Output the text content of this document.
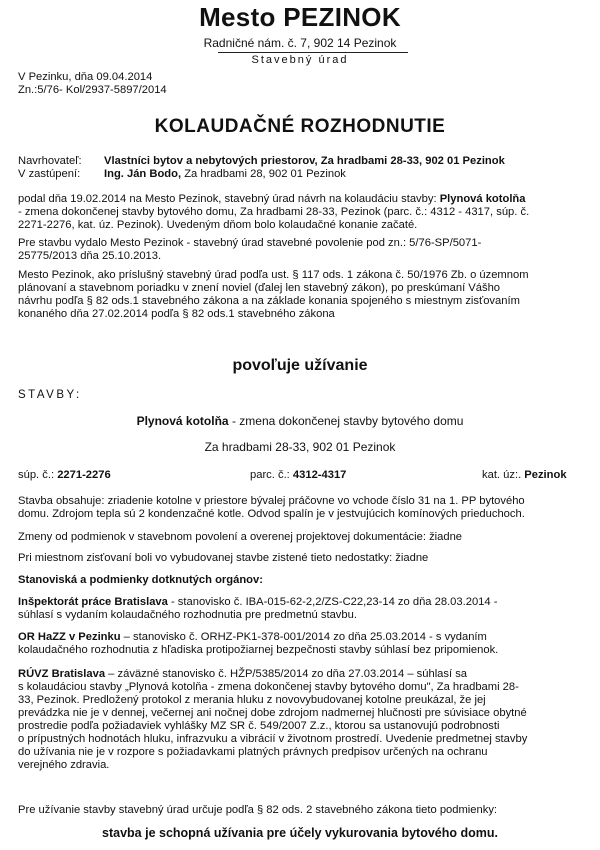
Mesto PEZINOK
Radničné nám. č. 7, 902 14 Pezinok
Stavebný úrad
V Pezinku, dňa 09.04.2014
Zn.:5/76- Kol/2937-5897/2014
KOLAUDAČNÉ ROZHODNUTIE
Navrhovateľ: Vlastníci bytov a nebytových priestorov, Za hradbami 28-33, 902 01 Pezinok
V zastúpení: Ing. Ján Bodo, Za hradbami 28, 902 01 Pezinok
podal dňa 19.02.2014 na Mesto Pezinok, stavebný úrad návrh na kolaudáciu stavby: Plynová kotolňa
- zmena dokončenej stavby bytového domu, Za hradbami 28-33, Pezinok (parc. č.: 4312 - 4317, súp. č.
2271-2276, kat. úz. Pezinok). Uvedeným dňom bolo kolaudačné konanie začaté.
Pre stavbu vydalo Mesto Pezinok - stavebný úrad stavebné povolenie pod zn.: 5/76-SP/5071-
25775/2013 dňa 25.10.2013.
Mesto Pezinok, ako príslušný stavebný úrad podľa ust. § 117 ods. 1 zákona č. 50/1976 Zb. o územnom
plánovaní a stavebnom poriadku v znení noviel (ďalej len stavebný zákon), po preskúmaní Vášho
návrhu podľa § 82 ods.1 stavebného zákona a na základe konania spojeného s miestnym zisťovaním
konaného dňa 27.02.2014 podľa § 82 ods.1 stavebného zákona
povoľuje užívanie
STAVBY:
Plynová kotolňa - zmena dokončenej stavby bytového domu
Za hradbami 28-33, 902 01 Pezinok
súp. č.: 2271-2276	parc. č.: 4312-4317	kat. úz:. Pezinok
Stavba obsahuje: zriadenie kotolne v priestore bývalej práčovne vo vchode číslo 31 na 1. PP bytového
domu. Zdrojom tepla sú 2 kondenzačné kotle. Odvod spalín je v jestvujúcich komínových prieduchoch.
Zmeny od podmienok v stavebnom povolení a overenej projektovej dokumentácie: žiadne
Pri miestnom zisťovaní boli vo vybudovanej stavbe zistené tieto nedostatky: žiadne
Stanoviská a podmienky dotknutých orgánov:
Inšpektorát práce Bratislava - stanovisko č. IBA-015-62-2,2/ZS-C22,23-14 zo dňa 28.03.2014 -
súhlasí s vydaním kolaudačného rozhodnutia pre predmetnú stavbu.
OR HaZZ v Pezinku – stanovisko č. ORHZ-PK1-378-001/2014 zo dňa 25.03.2014 - s vydaním
kolaudačného rozhodnutia z hľadiska protipožiarnej bezpečnosti stavby súhlasí bez pripomienok.
RÚVZ Bratislava – záväzné stanovisko č. HŽP/5385/2014 zo dňa 27.03.2014 – súhlasí sa
s kolaudáciou stavby „Plynová kotolňa - zmena dokončenej stavby bytového domu", Za hradbami 28-
33, Pezinok. Predložený protokol z merania hluku z novovybudovanej kotolne preukázal, že jej
prevádzka nie je v dennej, večernej ani nočnej dobe zdrojom nadmernej hlučnosti pre súvisiace obytné
prostredie podľa požiadaviek vyhlášky MZ SR č. 549/2007 Z.z., ktorou sa ustanovujú podrobnosti
o prípustných hodnotách hluku, infrazvuku a vibrácií v životnom prostredí. Uvedenie predmetnej stavby
do užívania nie je v rozpore s požiadavkami platných právnych predpisov určených na ochranu
verejného zdravia.
Pre užívanie stavby stavebný úrad určuje podľa § 82 ods. 2 stavebného zákona tieto podmienky:
stavba je schopná užívania pre účely vykurovania bytového domu.
